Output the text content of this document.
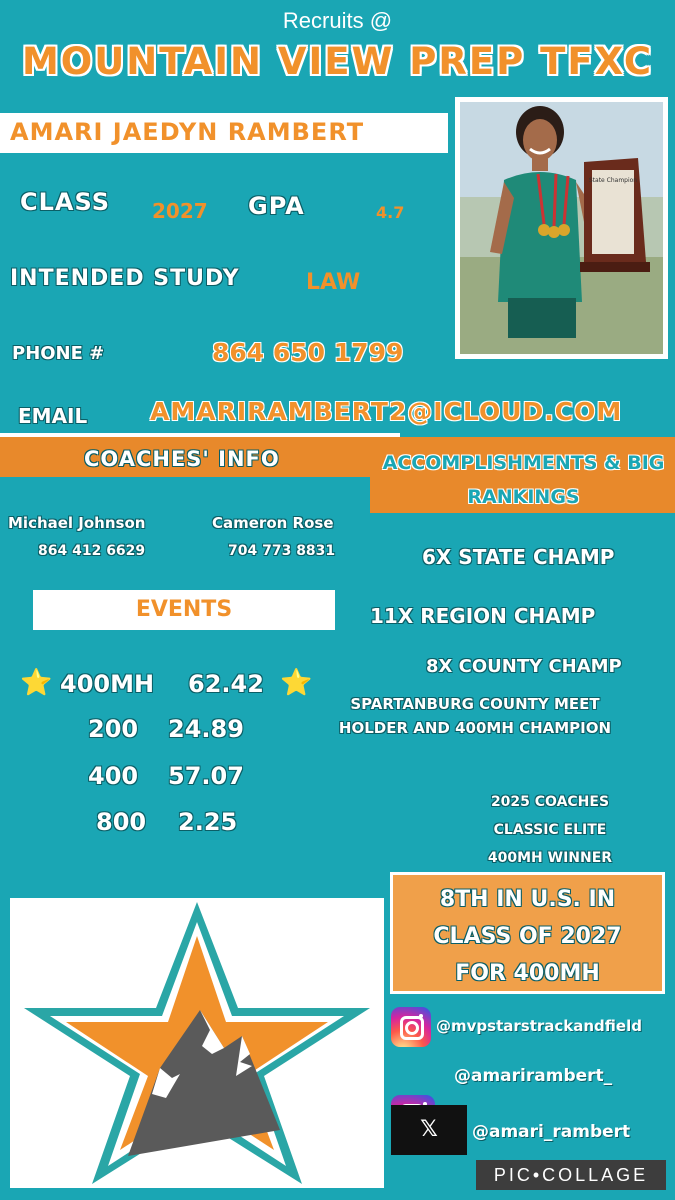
Recruits @
MOUNTAIN VIEW PREP TFXC
AMARI JAEDYN RAMBERT
State Champion
CLASS 2027 GPA	4.7
INTENDED STUDY	LAW
PHONE #	864 650 1799
EMAIL	AMARIRAMBERT2@ICLOUD.COM
COACHES' INFO	ACCOMPLISHMENTS & BIG RANKINGS
Michael Johnson
864 412 6629
Cameron Rose
704 773 8831	6X STATE CHAMP
11X REGION CHAMP
8X COUNTY CHAMP
SPARTANBURG COUNTY MEET HOLDER AND 400MH CHAMPION
2025 COACHES CLASSIC ELITE 400MH WINNER
EVENTS
⭐ 400MH 62.42 ⭐
200 24.89
400 57.07
800 2.25
8TH IN U.S. IN CLASS OF 2027 FOR 400MH
@mvpstarstrackandfield
@amarirambert_
𝕏	@amari_rambert
PIC•COLLAGE
